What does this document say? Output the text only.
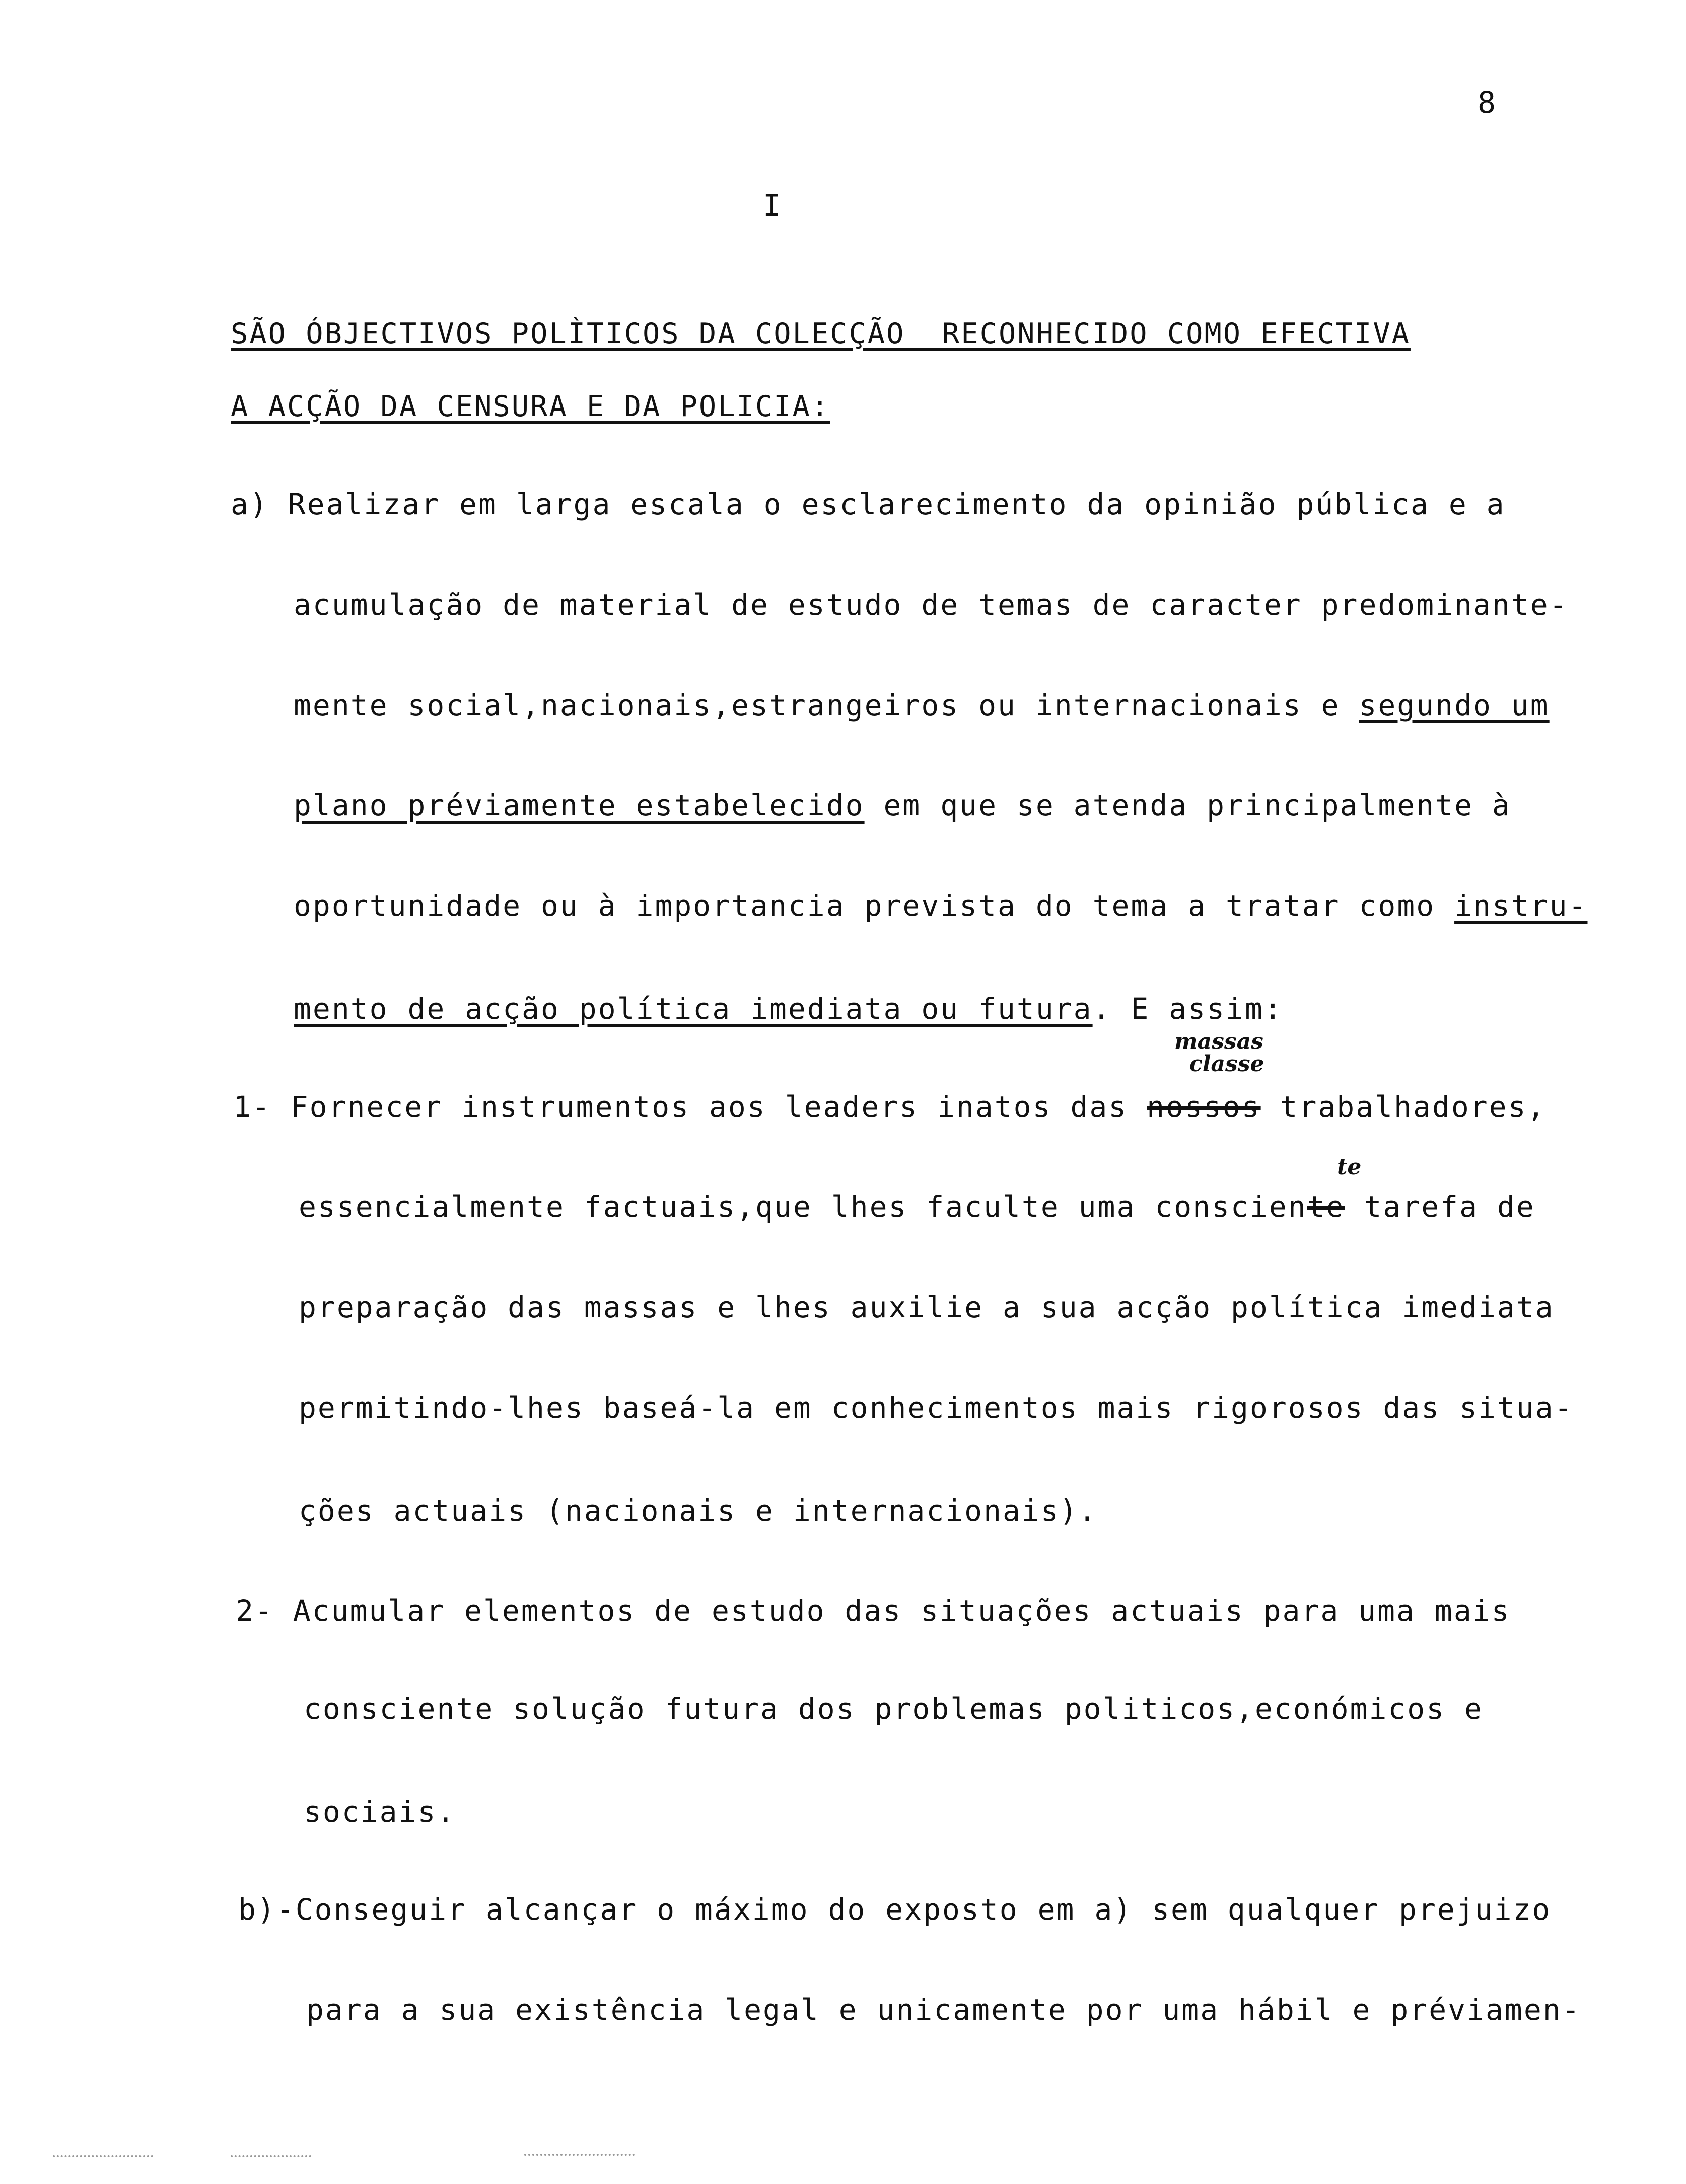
8
I
SÃO ÓBJECTIVOS POLÌTICOS DA COLECÇÃO  RECONHECIDO COMO EFECTIVA
A ACÇÃO DA CENSURA E DA POLICIA:
a) Realizar em larga escala o esclarecimento da opinião pública e a
acumulação de material de estudo de temas de caracter predominante-
mente social,nacionais,estrangeiros ou internacionais e segundo um
plano préviamente estabelecido em que se atenda principalmente à
oportunidade ou à importancia prevista do tema a tratar como instru-
mento de acção política imediata ou futura. E assim:
massas
classe
1- Fornecer instrumentos aos leaders inatos das nossos trabalhadores,
te
essencialmente factuais,que lhes faculte uma consciente tarefa de
preparação das massas e lhes auxilie a sua acção política imediata
permitindo-lhes baseá-la em conhecimentos mais rigorosos das situa-
ções actuais (nacionais e internacionais).
2- Acumular elementos de estudo das situações actuais para uma mais
consciente solução futura dos problemas politicos,económicos e
sociais.
b)-Conseguir alcançar o máximo do exposto em a) sem qualquer prejuizo
para a sua existência legal e unicamente por uma hábil e préviamen-
